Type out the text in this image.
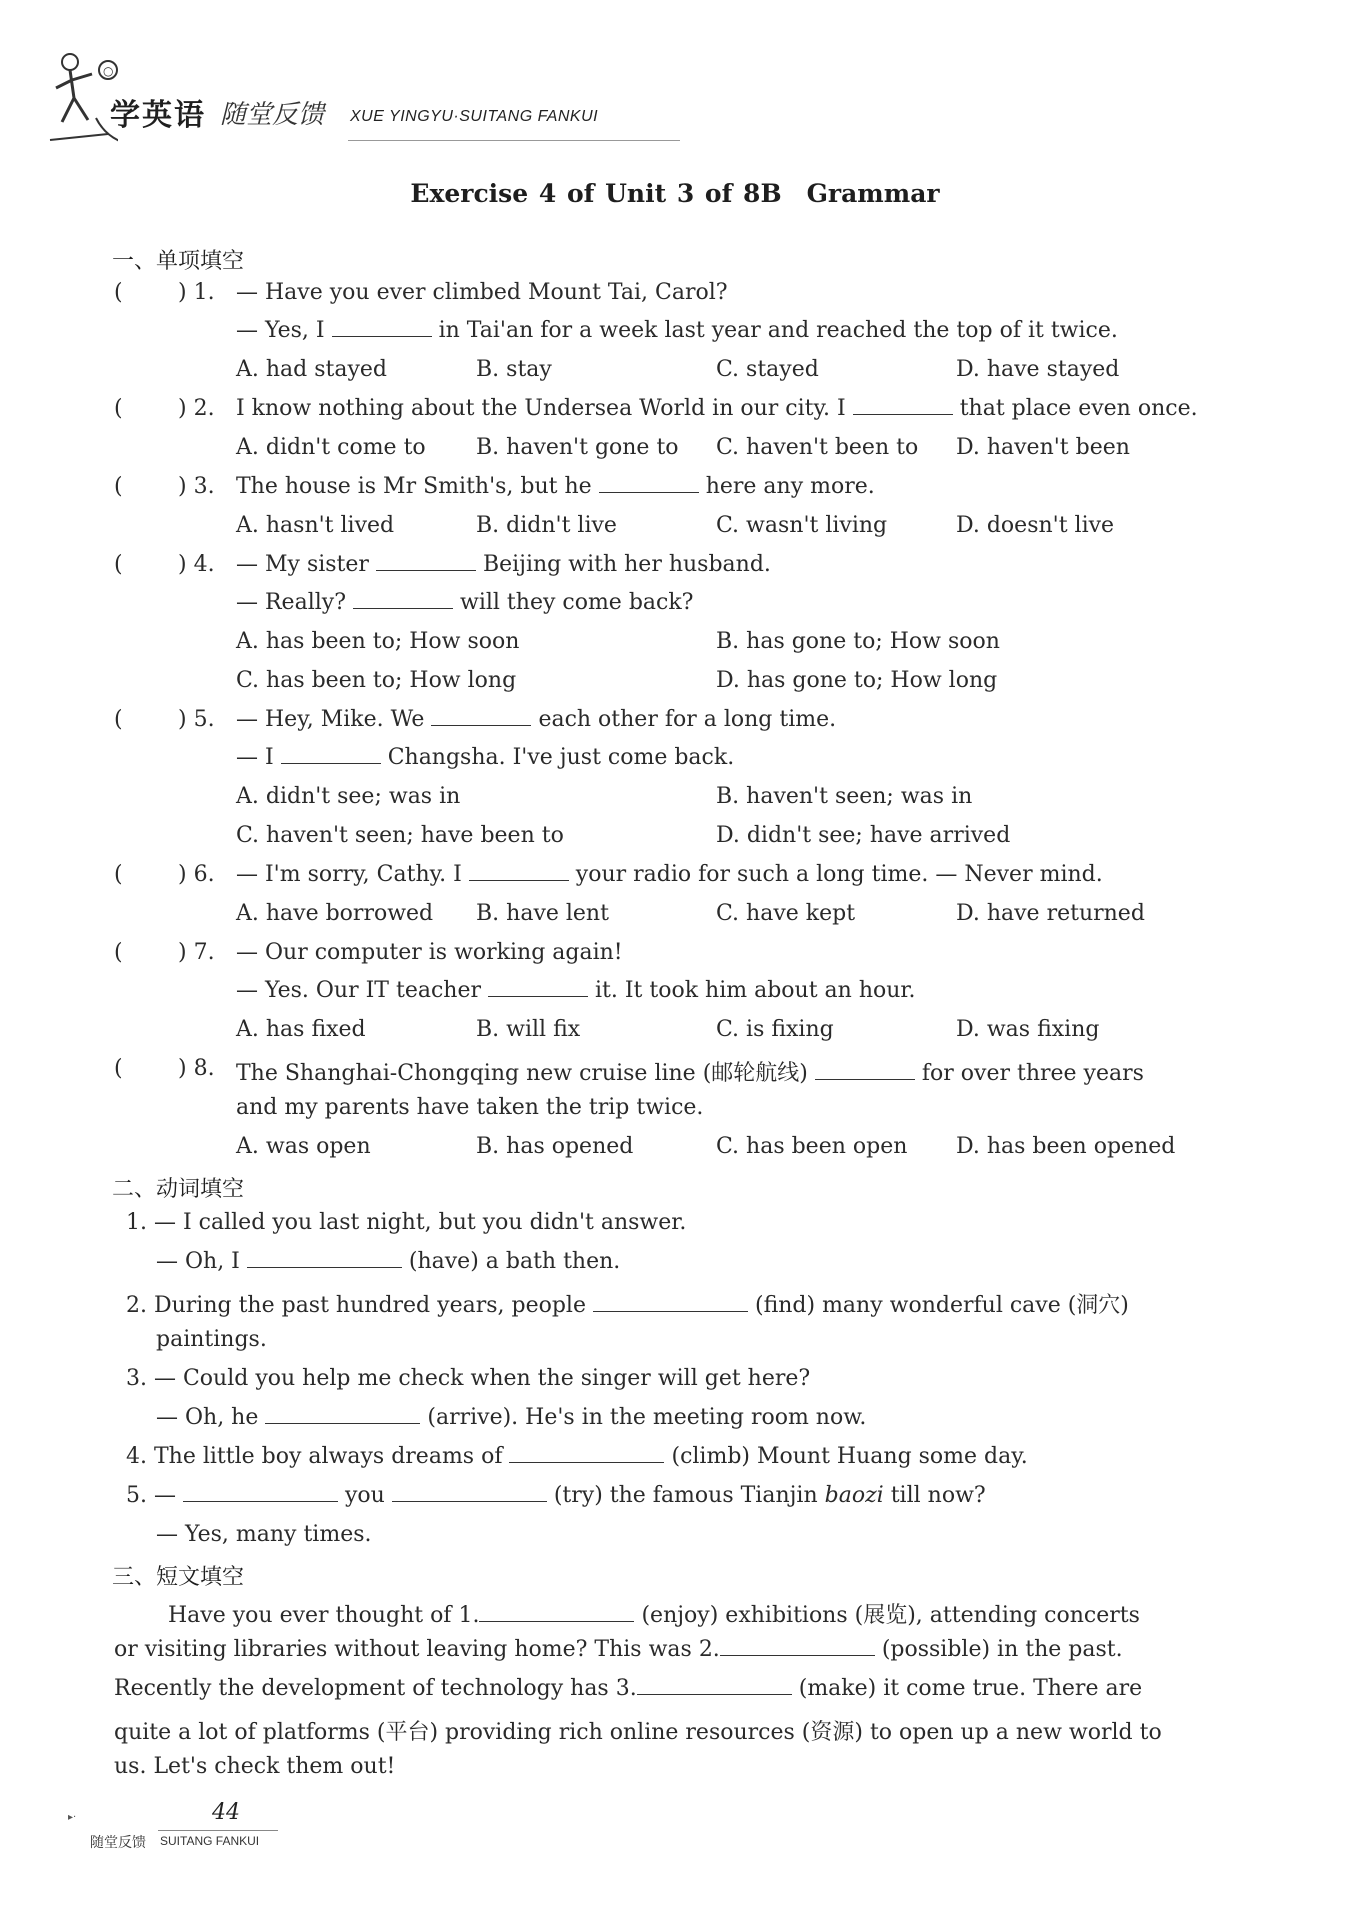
○
学英语 随堂反馈 XUE YINGYU·SUITANG FANKUI
Exercise 4 of Unit 3 of 8B　Grammar
一、单项填空
( ) 1. — Have you ever climbed Mount Tai, Carol?
— Yes, I	in Tai'an for a week last year and reached the top of it twice.
A. had stayed	B. stay	C. stayed	D. have stayed
( ) 2. I know nothing about the Undersea World in our city. I	that place even once.
A. didn't come to B. haven't gone to C. haven't been to D. haven't been
( ) 3. The house is Mr Smith's, but he	here any more.
A. hasn't lived	B. didn't live	C. wasn't living	D. doesn't live
( ) 4. — My sister	Beijing with her husband.
— Really?	will they come back?
A. has been to; How soon	B. has gone to; How soon
C. has been to; How long	D. has gone to; How long
( ) 5. — Hey, Mike. We	each other for a long time.
— I	Changsha. I've just come back.
A. didn't see; was in	B. haven't seen; was in
C. haven't seen; have been to	D. didn't see; have arrived
( ) 6. — I'm sorry, Cathy. I	your radio for such a long time. — Never mind.
A. have borrowed B. have lent	C. have kept	D. have returned
( ) 7. — Our computer is working again!
— Yes. Our IT teacher	it. It took him about an hour.
A. has fixed	B. will fix	C. is fixing	D. was fixing
( ) 8. The Shanghai-Chongqing new cruise line (邮轮航线)	for over three years
and my parents have taken the trip twice.
A. was open	B. has opened	C. has been open D. has been opened
二、动词填空
1. — I called you last night, but you didn't answer.
— Oh, I	(have) a bath then.
2. During the past hundred years, people	(find) many wonderful cave (洞穴)
paintings.
3. — Could you help me check when the singer will get here?
— Oh, he	(arrive). He's in the meeting room now.
4. The little boy always dreams of	(climb) Mount Huang some day.
5. —	you	(try) the famous Tianjin baozi till now?
— Yes, many times.
三、短文填空
Have you ever thought of 1.	(enjoy) exhibitions (展览), attending concerts
or visiting libraries without leaving home? This was 2.	(possible) in the past.
Recently the development of technology has 3.	(make) it come true. There are
quite a lot of platforms (平台) providing rich online resources (资源) to open up a new world to
us. Let's check them out!
▸·	44
随堂反馈 SUITANG FANKUI
